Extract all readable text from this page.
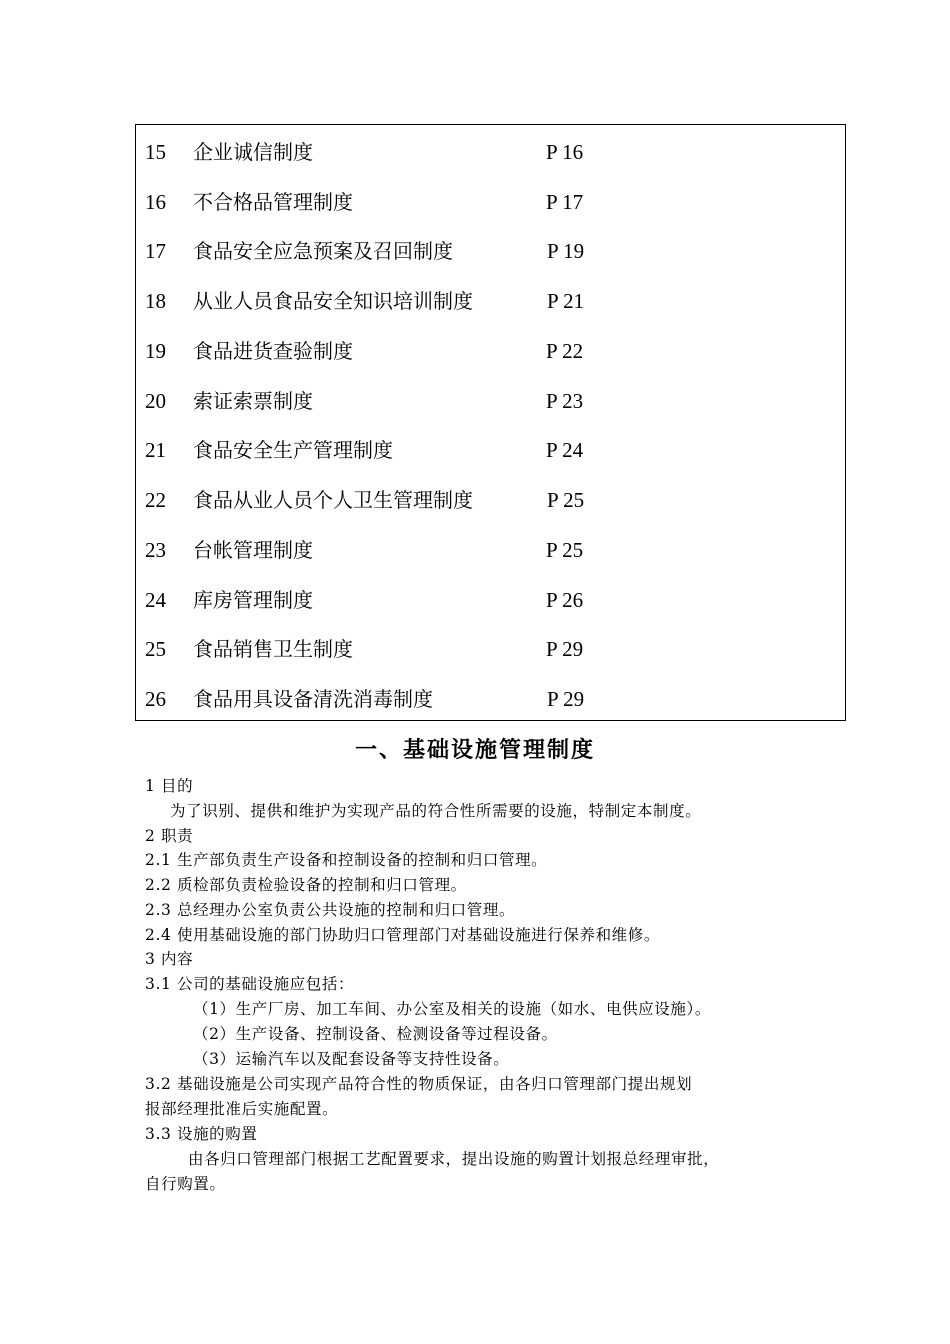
15 企业诚信制度	P 16
16 不合格品管理制度	P 17
17 食品安全应急预案及召回制度	P 19
18 从业人员食品安全知识培训制度	P 21
19 食品进货查验制度	P 22
20 索证索票制度	P 23
21 食品安全生产管理制度	P 24
22 食品从业人员个人卫生管理制度	P 25
23 台帐管理制度	P 25
24 库房管理制度	P 26
25 食品销售卫生制度	P 29
26 食品用具设备清洗消毒制度	P 29
一、基础设施管理制度
1 目的
为了识别、提供和维护为实现产品的符合性所需要的设施，特制定本制度。
2 职责
2.1 生产部负责生产设备和控制设备的控制和归口管理。
2.2 质检部负责检验设备的控制和归口管理。
2.3 总经理办公室负责公共设施的控制和归口管理。
2.4 使用基础设施的部门协助归口管理部门对基础设施进行保养和维修。
3 内容
3.1 公司的基础设施应包括：
（1）生产厂房、加工车间、办公室及相关的设施（如水、电供应设施）。
（2）生产设备、控制设备、检测设备等过程设备。
（3）运输汽车以及配套设备等支持性设备。
3.2 基础设施是公司实现产品符合性的物质保证，由各归口管理部门提出规划
报部经理批准后实施配置。
3.3 设施的购置
由各归口管理部门根据工艺配置要求，提出设施的购置计划报总经理审批，
自行购置。
